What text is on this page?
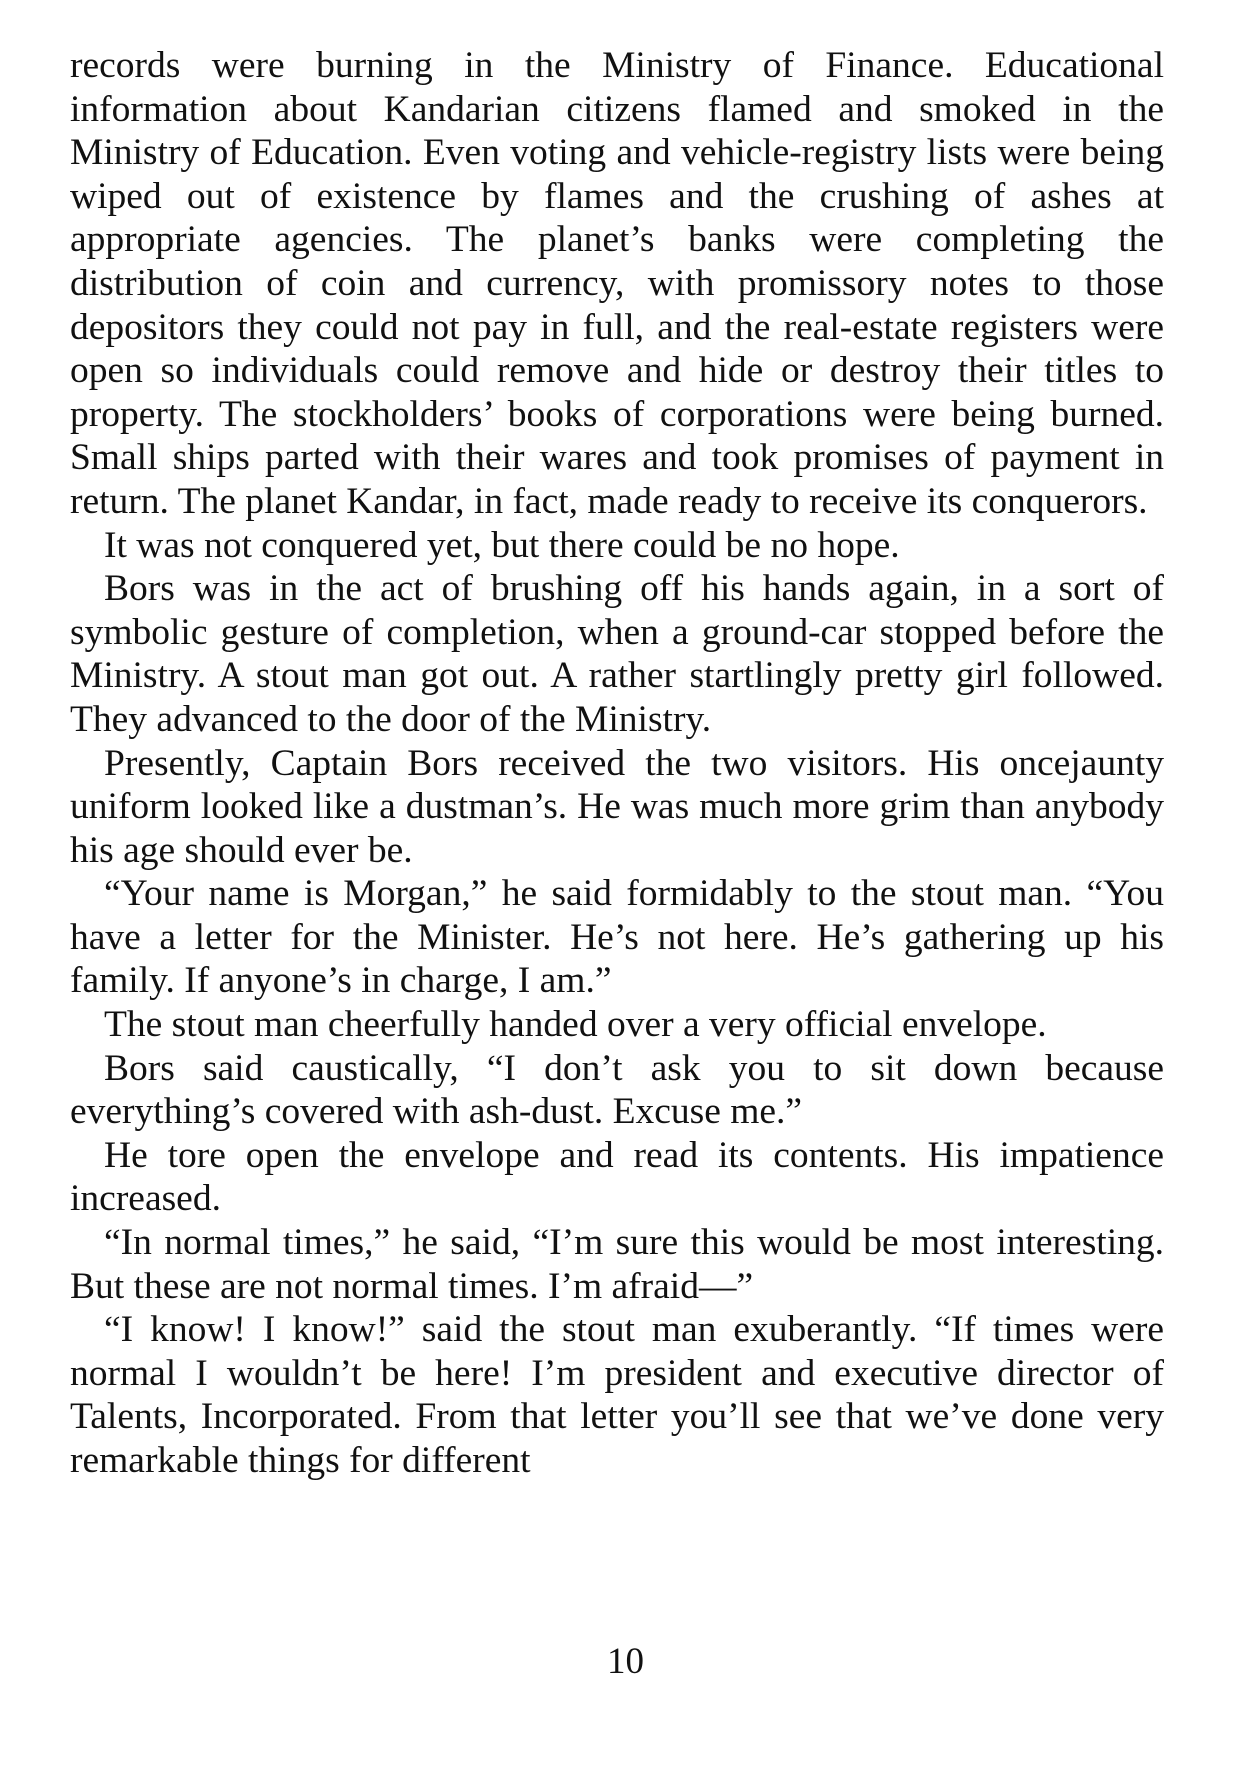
records were burning in the Ministry of Finance. Educational information about Kandarian citizens flamed and smoked in the Ministry of Education. Even voting and vehicle-registry lists were being wiped out of existence by flames and the crushing of ashes at appropriate agencies. The planet’s banks were completing the distribution of coin and currency, with promissory notes to those depositors they could not pay in full, and the real-estate registers were open so individuals could remove and hide or destroy their titles to property. The stockholders’ books of corporations were being burned. Small ships parted with their wares and took promises of payment in return. The planet Kandar, in fact, made ready to receive its conquerors.

It was not conquered yet, but there could be no hope.

Bors was in the act of brushing off his hands again, in a sort of symbolic gesture of completion, when a ground-car stopped before the Ministry. A stout man got out. A rather startlingly pretty girl followed. They advanced to the door of the Ministry.

Presently, Captain Bors received the two visitors. His oncejaunty uniform looked like a dustman’s. He was much more grim than anybody his age should ever be.

“Your name is Morgan,” he said formidably to the stout man. “You have a letter for the Minister. He’s not here. He’s gathering up his family. If anyone’s in charge, I am.”

The stout man cheerfully handed over a very official envelope.

Bors said caustically, “I don’t ask you to sit down because everything’s covered with ash-dust. Excuse me.”

He tore open the envelope and read its contents. His impatience increased.

“In normal times,” he said, “I’m sure this would be most interesting. But these are not normal times. I’m afraid—”

“I know! I know!” said the stout man exuberantly. “If times were normal I wouldn’t be here! I’m president and executive director of Talents, Incorporated. From that letter you’ll see that we’ve done very remarkable things for different

10
